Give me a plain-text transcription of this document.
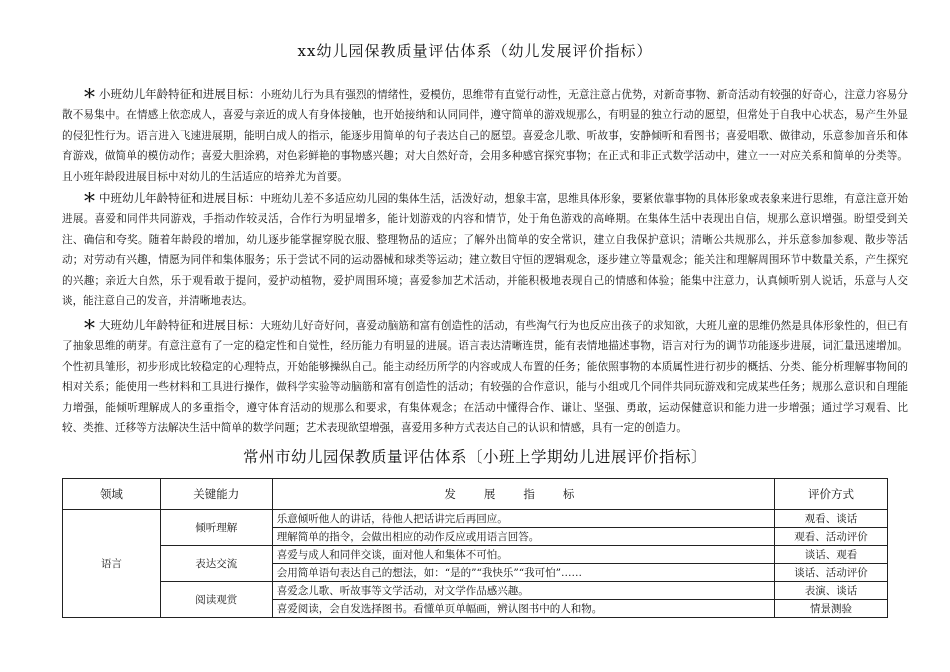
xx幼儿园保教质量评估体系（幼儿发展评价指标）
* 小班幼儿年龄特征和进展目标：小班幼儿行为具有强烈的情绪性，爱模仿，思维带有直觉行动性，无意注意占优势，对新奇事物、新奇活动有较强的好奇心，注意力容易分散不易集中。在情感上依恋成人，喜爱与亲近的成人有身体接触，也开始接纳和认同同伴，遵守简单的游戏规那么，有明显的独立行动的愿望，但常处于自我中心状态，易产生外显的侵犯性行为。语言进入飞速进展期，能明白成人的指示，能逐步用简单的句子表达自己的愿望。喜爱念儿歌、听故事，安静倾听和看图书；喜爱唱歌、做律动，乐意参加音乐和体育游戏，做简单的模仿动作；喜爱大胆涂鸦，对色彩鲜艳的事物感兴趣；对大自然好奇，会用多种感官探究事物；在正式和非正式数学活动中，建立一一对应关系和简单的分类等。且小班年龄段进展目标中对幼儿的生活适应的培养尤为首要。
* 中班幼儿年龄特征和进展目标：中班幼儿差不多适应幼儿园的集体生活，活泼好动，想象丰富，思维具体形象，要紧依靠事物的具体形象或表象来进行思维，有意注意开始进展。喜爱和同伴共同游戏，手指动作较灵活，合作行为明显增多，能计划游戏的内容和情节，处于角色游戏的高峰期。在集体生活中表现出自信，规那么意识增强。盼望受到关注、确信和夸奖。随着年龄段的增加，幼儿逐步能掌握穿脱衣服、整理物品的适应；了解外出简单的安全常识，建立自我保护意识；清晰公共规那么，并乐意参加参观、散步等活动；对劳动有兴趣，情愿为同伴和集体服务；乐于尝试不同的运动器械和球类等运动；建立数目守恒的逻辑观念，逐步建立等量观念；能关注和理解周围环节中数量关系，产生探究的兴趣；亲近大自然，乐于观看敢于提问，爱护动植物，爱护周围环境；喜爱参加艺术活动，并能积极地表现自己的情感和体验；能集中注意力，认真倾听别人说话，乐意与人交谈，能注意自己的发音，并清晰地表达。
* 大班幼儿年龄特征和进展目标：大班幼儿好奇好问，喜爱动脑筋和富有创造性的活动，有些淘气行为也反应出孩子的求知欲，大班儿童的思维仍然是具体形象性的，但已有了抽象思维的萌芽。有意注意有了一定的稳定性和自觉性，经历能力有明显的进展。语言表达清晰连贯，能有表情地描述事物，语言对行为的调节功能逐步进展，词汇量迅速增加。个性初具雏形，初步形成比较稳定的心理特点，开始能够操纵自己。能主动经历所学的内容或成人布置的任务；能依照事物的本质属性进行初步的概括、分类、能分析理解事物间的相对关系；能使用一些材料和工具进行操作，做科学实验等动脑筋和富有创造性的活动；有较强的合作意识，能与小组或几个同伴共同玩游戏和完成某些任务；规那么意识和自理能力增强，能倾听理解成人的多重指令，遵守体育活动的规那么和要求，有集体观念；在活动中懂得合作、谦让、坚强、勇敢，运动保健意识和能力进一步增强；通过学习观看、比较、类推、迁移等方法解决生活中简单的数学问题；艺术表现欲望增强，喜爱用多种方式表达自己的认识和情感，具有一定的创造力。
常州市幼儿园保教质量评估体系〔小班上学期幼儿进展评价指标〕
领域	关键能力	发展指标	评价方式
语言	倾听理解	乐意倾听他人的讲话，待他人把话讲完后再回应。	观看、谈话
		理解简单的指令，会做出相应的动作反应或用语言回答。	观看、活动评价
	表达交流	喜爱与成人和同伴交谈，面对他人和集体不可怕。	谈话、观看
		会用简单语句表达自己的想法，如：“是的”“我快乐”“我可怕”……	谈话、活动评价
	阅读观赏	喜爱念儿歌、听故事等文学活动，对文学作品感兴趣。	表演、谈话
		喜爱阅读，会自发选择图书。看懂单页单幅画，辨认图书中的人和物。	情景测验
